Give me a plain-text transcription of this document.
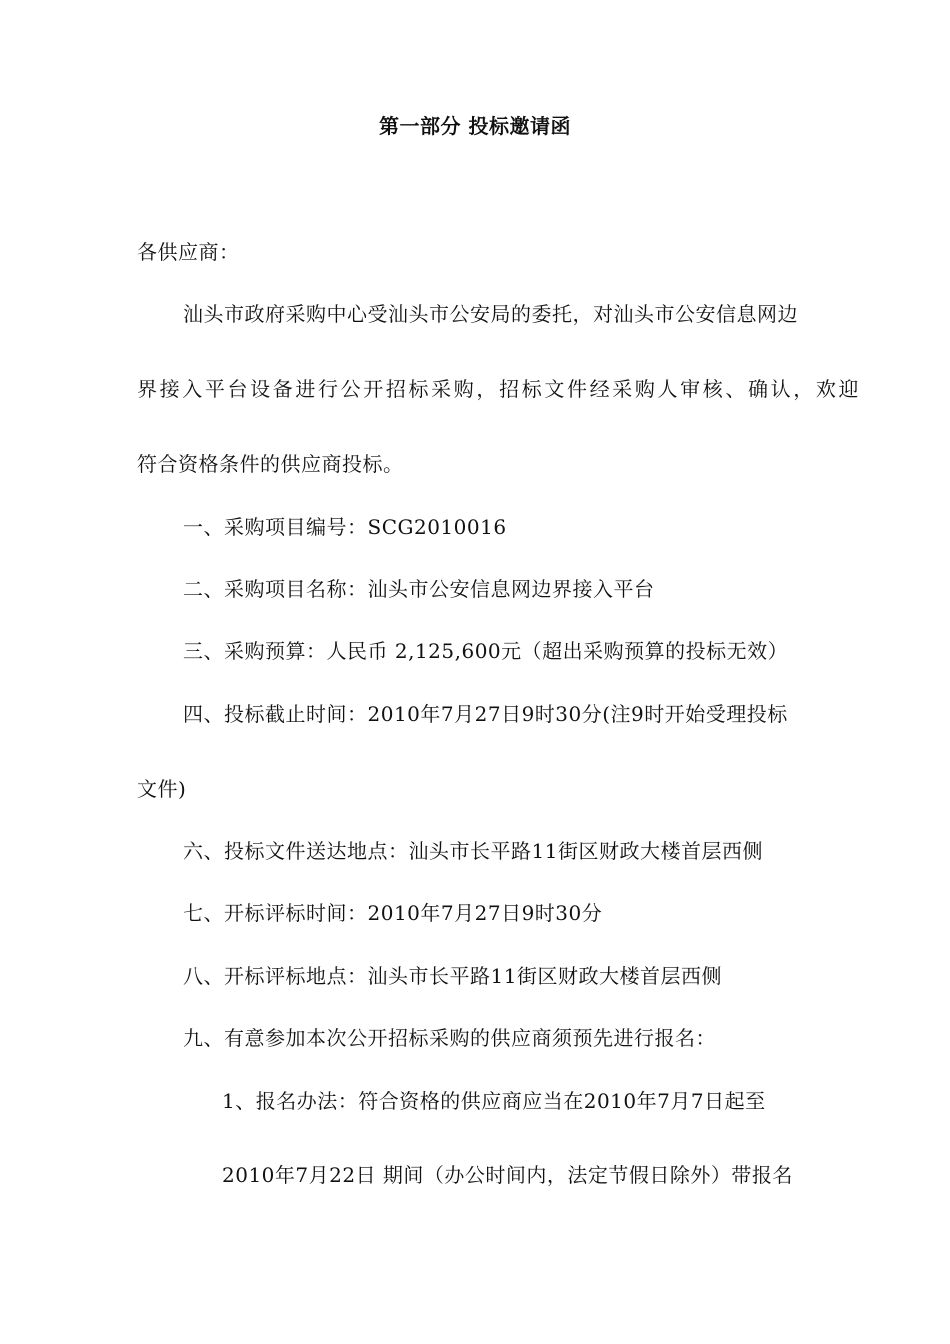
第一部分 投标邀请函
各供应商：
汕头市政府采购中心受汕头市公安局的委托，对汕头市公安信息网边
界接入平台设备进行公开招标采购，招标文件经采购人审核、确认，欢迎
符合资格条件的供应商投标。
一、采购项目编号：SCG2010016
二、采购项目名称：汕头市公安信息网边界接入平台
三、采购预算：人民币 2,125,600元（超出采购预算的投标无效）
四、投标截止时间：2010年7月27日9时30分(注9时开始受理投标
文件)
六、投标文件送达地点：汕头市长平路11街区财政大楼首层西侧
七、开标评标时间：2010年7月27日9时30分
八、开标评标地点：汕头市长平路11街区财政大楼首层西侧
九、有意参加本次公开招标采购的供应商须预先进行报名：
1、报名办法：符合资格的供应商应当在2010年7月7日起至
2010年7月22日 期间（办公时间内，法定节假日除外）带报名
